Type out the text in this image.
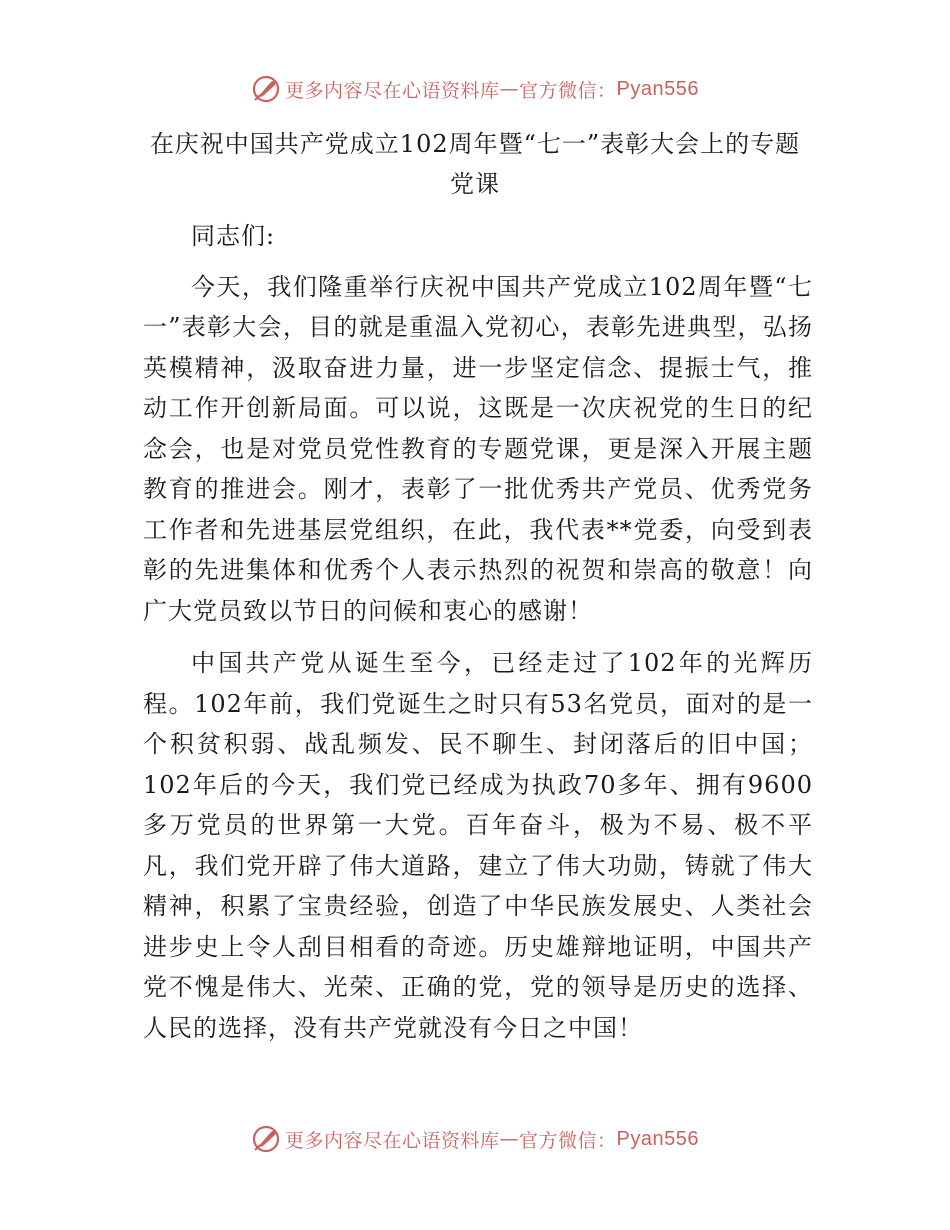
更多内容尽在心语资料库 — 官方微信： Pyan556
在庆祝中国共产党成立102周年暨“七一”表彰大会上的专题党课

同志们:

今天，我们隆重举行庆祝中国共产党成立102周年暨“七一”表彰大会，目的就是重温入党初心，表彰先进典型，弘扬英模精神，汲取奋进力量，进一步坚定信念、提振士气，推动工作开创新局面。可以说，这既是一次庆祝党的生日的纪念会，也是对党员党性教育的专题党课，更是深入开展主题教育的推进会。刚才，表彰了一批优秀共产党员、优秀党务工作者和先进基层党组织，在此，我代表**党委，向受到表彰的先进集体和优秀个人表示热烈的祝贺和崇高的敬意！向广大党员致以节日的问候和衷心的感谢！

中国共产党从诞生至今，已经走过了102年的光辉历程。102年前，我们党诞生之时只有53名党员，面对的是一个积贫积弱、战乱频发、民不聊生、封闭落后的旧中国；102年后的今天，我们党已经成为执政70多年、拥有9600多万党员的世界第一大党。百年奋斗，极为不易、极不平凡，我们党开辟了伟大道路，建立了伟大功勋，铸就了伟大精神，积累了宝贵经验，创造了中华民族发展史、人类社会进步史上令人刮目相看的奇迹。历史雄辩地证明，中国共产党不愧是伟大、光荣、正确的党，党的领导是历史的选择、人民的选择，没有共产党就没有今日之中国！

更多内容尽在心语资料库 — 官方微信： Pyan556
